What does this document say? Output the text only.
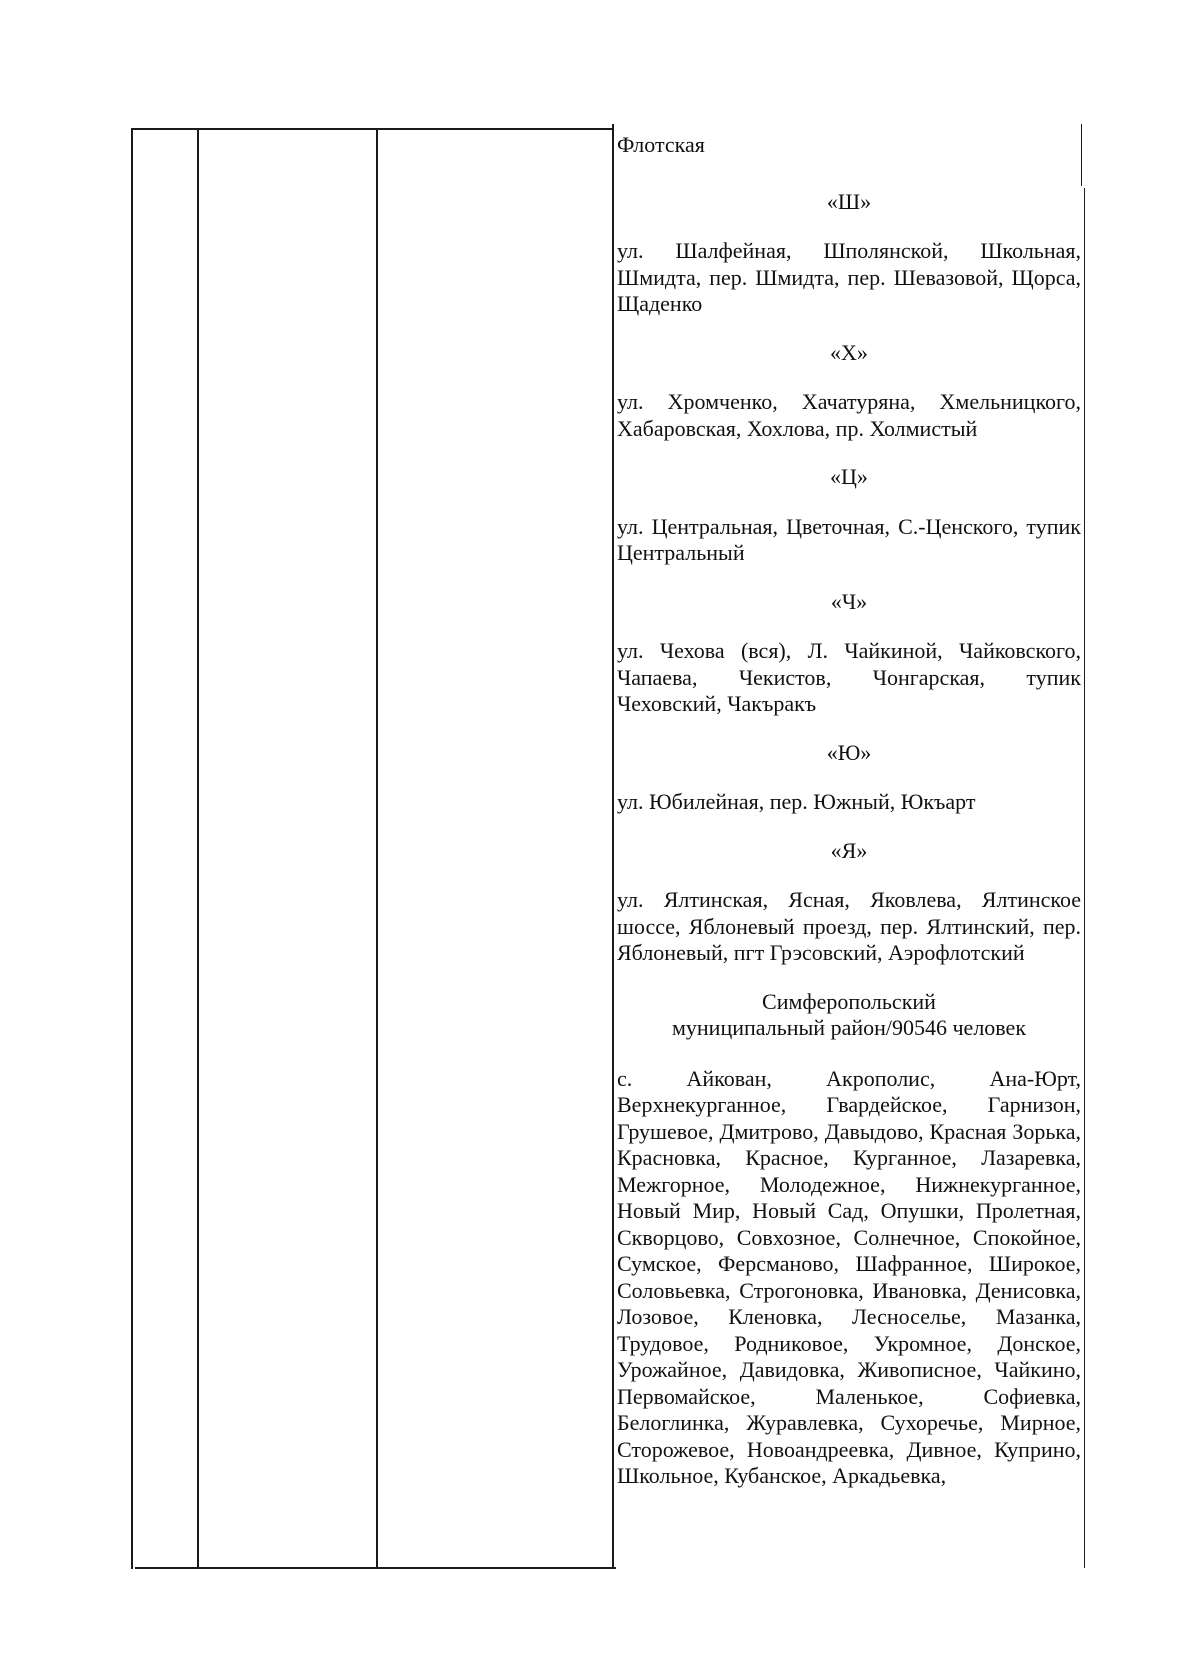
Флотская

«Ш»

ул. Шалфейная, Шполянской, Школьная, Шмидта, пер. Шмидта, пер. Шевазовой, Щорса, Щаденко

«Х»

ул. Хромченко, Хачатуряна, Хмельницкого, Хабаровская, Хохлова, пр. Холмистый

«Ц»

ул. Центральная, Цветочная, С.-Ценского, тупик Центральный

«Ч»

ул. Чехова (вся), Л. Чайкиной, Чайковского, Чапаева, Чекистов, Чонгарская, тупик Чеховский, Чакъракъ

«Ю»

ул. Юбилейная, пер. Южный, Юкъарт

«Я»

ул. Ялтинская, Ясная, Яковлева, Ялтинское шоссе, Яблоневый проезд, пер. Ялтинский, пер. Яблоневый, пгт Грэсовский, Аэрофлотский

Симферопольский

муниципальный район/90546 человек

с. Айкован, Акрополис, Ана-Юрт, Верхнекурганное, Гвардейское, Гарнизон, Грушевое, Дмитрово, Давыдово, Красная Зорька, Красновка, Красное, Курганное, Лазаревка, Межгорное, Молодежное, Нижнекурганное, Новый Мир, Новый Сад, Опушки, Пролетная, Скворцово, Совхозное, Солнечное, Спокойное, Сумское, Ферсманово, Шафранное, Широкое, Соловьевка, Строгоновка, Ивановка, Денисовка, Лозовое, Кленовка, Лесноселье, Мазанка, Трудовое, Родниковое, Укромное, Донское, Урожайное, Давидовка, Живописное, Чайкино, Первомайское, Маленькое, Софиевка, Белоглинка, Журавлевка, Сухоречье, Мирное, Сторожевое, Новоандреевка, Дивное, Куприно, Школьное, Кубанское, Аркадьевка,
